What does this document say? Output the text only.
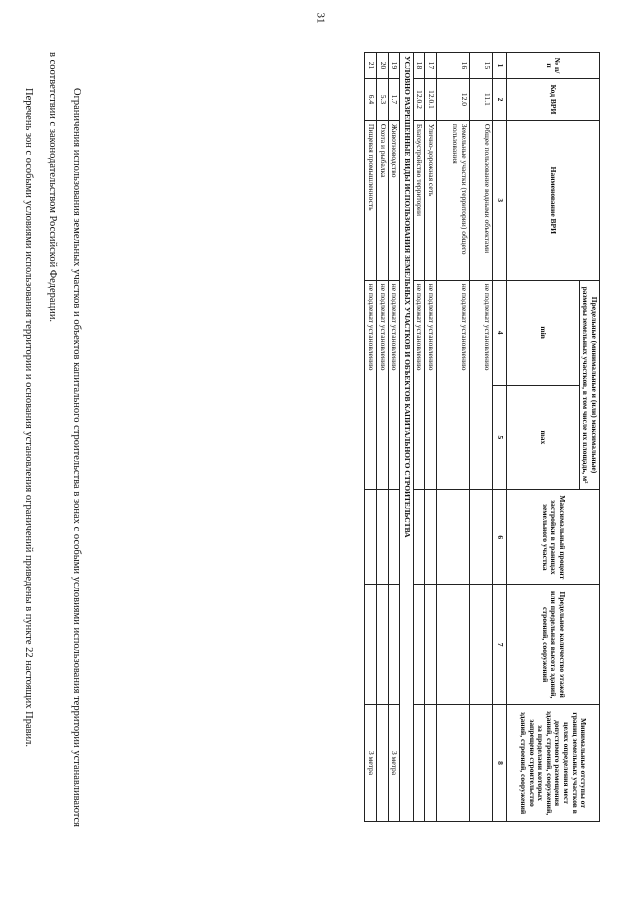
31
№ п/п	Код ВРИ	Наименование ВРИ	Предельные (минимальные и (или) максимальные) размеры земельных участков, в том числе их площадь, м²		Максимальный процент застройки в границах земельного участка	Предельное количество этажей или предельная высота зданий, строений, сооружений	Минимальные отступы от границ земельных участков в целях определения мест допустимого размещения зданий, строений, сооружений, за пределами которых запрещено строительство зданий, строений, сооружений
			min	max			
1	2	3	4	5	6	7	8
15	11.1	Общее пользование водными объектами	не подлежат установлению				
16	12.0	Земельные участки (территории) общего пользования	не подлежат установлению				
17	12.0.1	Улично-дорожная сеть	не подлежат установлению				
18	12.0.2	Благоустройство территории	не подлежат установлению				
УСЛОВНО РАЗРЕШЕННЫЕ ВИДЫ ИСПОЛЬЗОВАНИЯ ЗЕМЕЛЬНЫХ УЧАСТКОВ И ОБЪЕКТОВ КАПИТАЛЬНОГО СТРОИТЕЛЬСТВА							
19	1.7	Животноводство	не подлежат установлению				3 метра
20	5.3	Охота и рыбалка	не подлежат установлению				
21	6.4	Пищевая промышленность	не подлежат установлению				3 метра

Ограничения использования земельных участков и объектов капитального строительства в зонах с особыми условиями использования территории устанавливаются в соответствии с законодательством Российской Федерации.

Перечень зон с особыми условиями использования территории и основания установления ограничений приведены в пункте 22 настоящих Правил.
